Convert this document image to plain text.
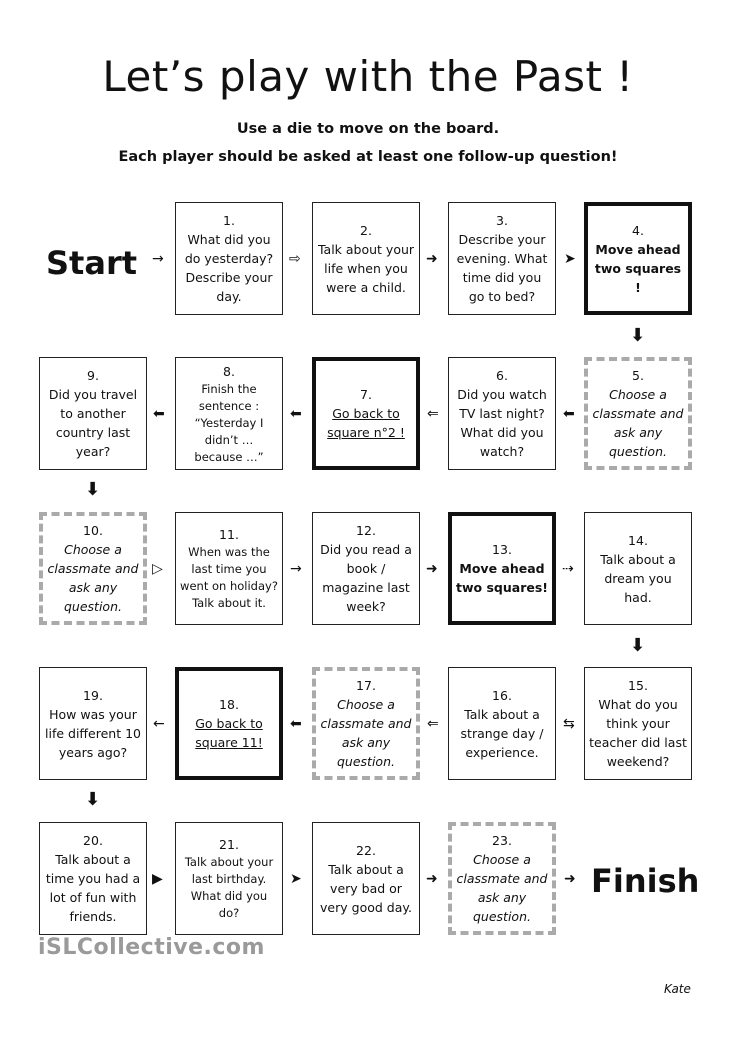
Let’s play with the Past !
Use a die to move on the board.
Each player should be asked at least one follow-up question!
Start
Finish
1.
What did you do yesterday? Describe your day.
2.
Talk about your life when you were a child.
3.
Describe your evening. What time did you go to bed?
4.
Move ahead two squares !
9.
Did you travel to another country last year?
8.
Finish the sentence : “Yesterday I didn’t … because …”
7.
Go back to square n°2 !
6.
Did you watch TV last night? What did you watch?
5.
Choose a classmate and ask any question.
10.
Choose a classmate and ask any question.
11.
When was the last time you went on holiday? Talk about it.
12.
Did you read a book / magazine last week?
13.
Move ahead two squares!
14.
Talk about a dream you had.
19.
How was your life different 10 years ago?
18.
Go back to square 11!
17.
Choose a classmate and ask any question.
16.
Talk about a strange day / experience.
15.
What do you think your teacher did last weekend?
20.
Talk about a time you had a lot of fun with friends.
21.
Talk about your last birthday. What did you do?
22.
Talk about a very bad or very good day.
23.
Choose a classmate and ask any question.
→	⇨	➜	➤
⬇
⬅
⇐
⬅
⬅
⬇
▷	→	➜	⇢
⬇
⇆
⇐
⬅
←
⬇
▶	➤	➜	➜
iSLCollective.com
Kate
